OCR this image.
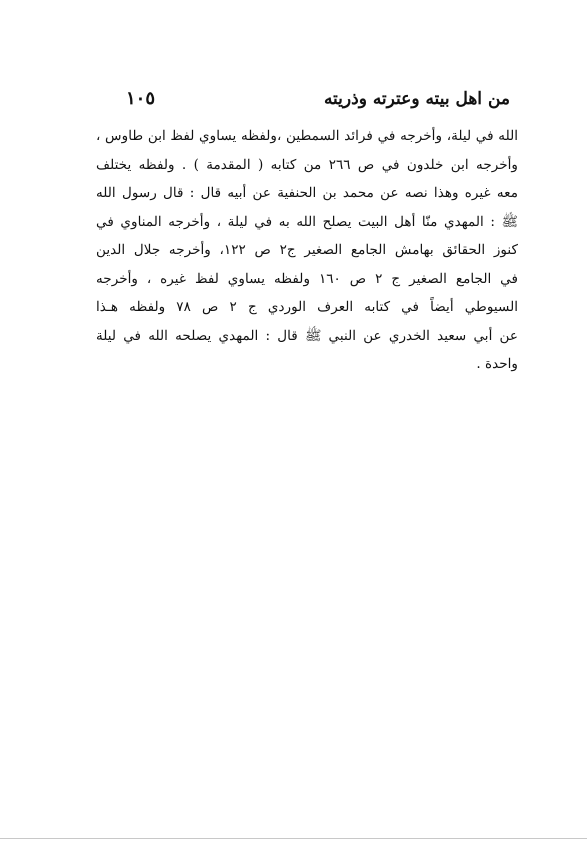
من اهل بيته وعترته وذريته
١٠٥
الله في ليلة، وأخرجه في فرائد السمطين ،ولفظه يساوي لفظ ابن طاوس ،
وأخرجه ابن خلدون في ص ٢٦٦ من كتابه ( المقدمة ) . ولفظه يختلف
معه غيره وهذا نصه عن محمد بن الحنفية عن أبيه قال : قال رسول الله
ﷺ : المهدي منّا أهل البيت يصلح الله به في ليلة ، وأخرجه المناوي في
كنوز الحقائق بهامش الجامع الصغير ج٢ ص ١٢٢، وأخرجه جلال الدين
في الجامع الصغير ج ٢ ص ١٦٠ ولفظه يساوي لفظ غيره ، وأخرجه
السيوطي أيضاً في كتابه العرف الوردي ج ٢ ص ٧٨ ولفظه هـذا
عن أبي سعيد الخدري عن النبي ﷺ قال : المهدي يصلحه الله في ليلة
واحدة .
